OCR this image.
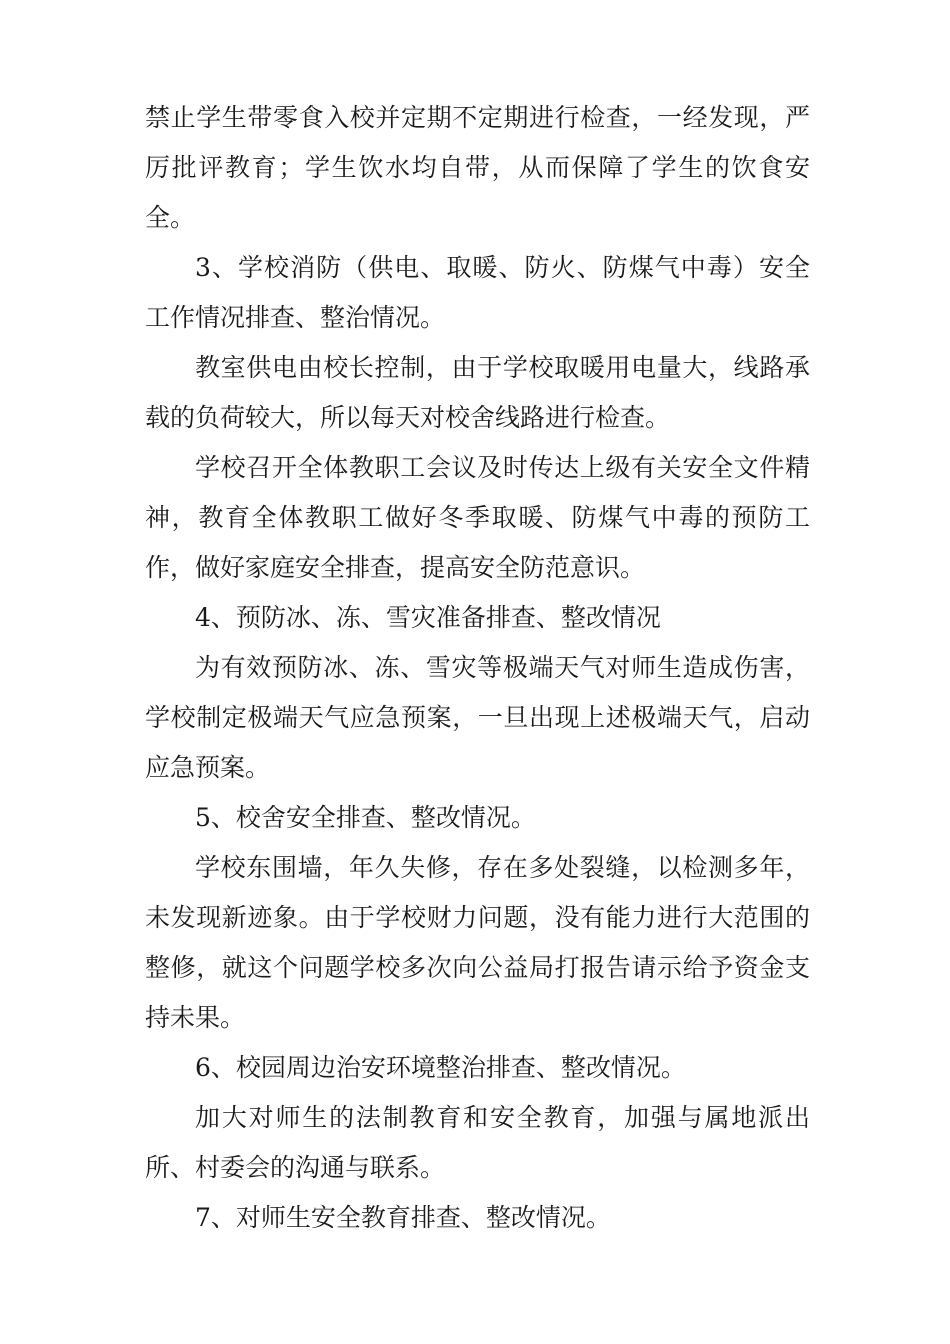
禁止学生带零食入校并定期不定期进行检查，一经发现，严厉批评教育；学生饮水均自带，从而保障了学生的饮食安全。

3、学校消防（供电、取暖、防火、防煤气中毒）安全工作情况排查、整治情况。

教室供电由校长控制，由于学校取暖用电量大，线路承载的负荷较大，所以每天对校舍线路进行检查。

学校召开全体教职工会议及时传达上级有关安全文件精神，教育全体教职工做好冬季取暖、防煤气中毒的预防工作，做好家庭安全排查，提高安全防范意识。

4、预防冰、冻、雪灾准备排查、整改情况

为有效预防冰、冻、雪灾等极端天气对师生造成伤害，学校制定极端天气应急预案，一旦出现上述极端天气，启动应急预案。

5、校舍安全排查、整改情况。

学校东围墙，年久失修，存在多处裂缝，以检测多年，未发现新迹象。由于学校财力问题，没有能力进行大范围的整修，就这个问题学校多次向公益局打报告请示给予资金支持未果。

6、校园周边治安环境整治排查、整改情况。

加大对师生的法制教育和安全教育，加强与属地派出所、村委会的沟通与联系。

7、对师生安全教育排查、整改情况。
